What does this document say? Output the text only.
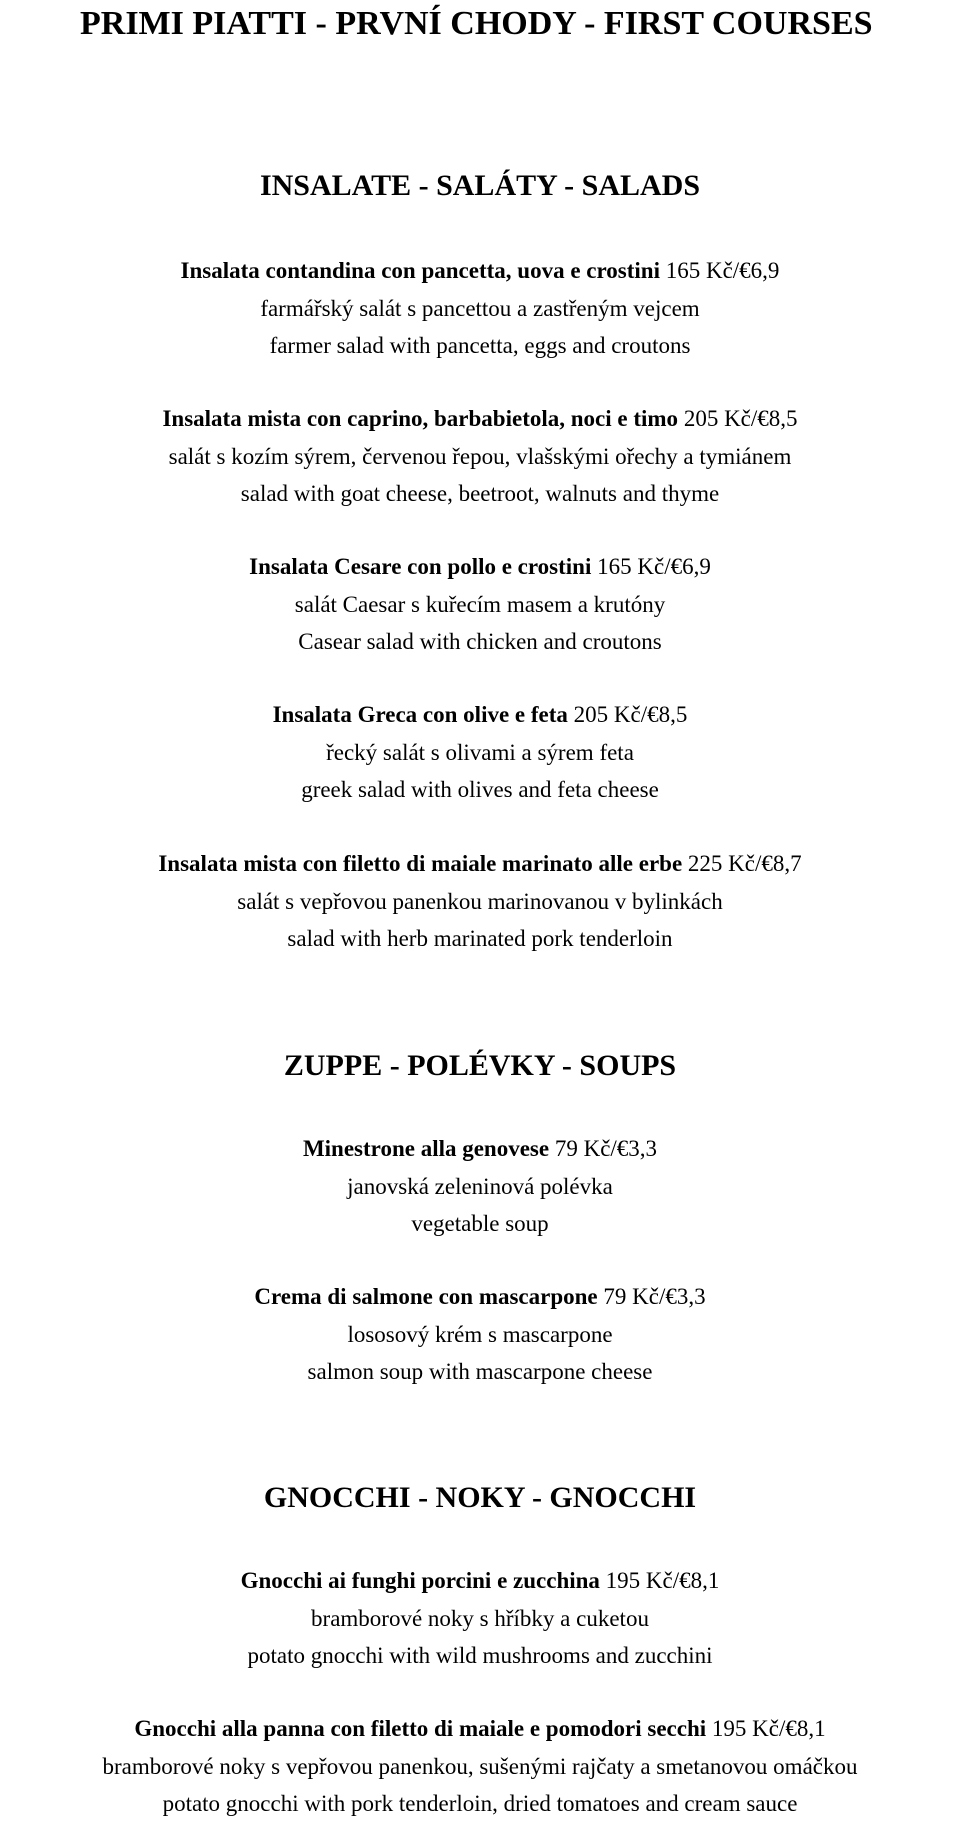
PRIMI PIATTI - PRVNÍ CHODY - FIRST COURSES
INSALATE - SALÁTY - SALADS
Insalata contandina con pancetta, uova e crostini 165 Kč/€6,9
farmářský salát s pancettou a zastřeným vejcem
farmer salad with pancetta, eggs and croutons
Insalata mista con caprino, barbabietola, noci e timo 205 Kč/€8,5
salát s kozím sýrem, červenou řepou, vlašskými ořechy a tymiánem
salad with goat cheese, beetroot, walnuts and thyme
Insalata Cesare con pollo e crostini 165 Kč/€6,9
salát Caesar s kuřecím masem a krutóny
Casear salad with chicken and croutons
Insalata Greca con olive e feta 205 Kč/€8,5
řecký salát s olivami a sýrem feta
greek salad with olives and feta cheese
Insalata mista con filetto di maiale marinato alle erbe 225 Kč/€8,7
salát s vepřovou panenkou marinovanou v bylinkách
salad with herb marinated pork tenderloin
ZUPPE - POLÉVKY - SOUPS
Minestrone alla genovese 79 Kč/€3,3
janovská zeleninová polévka
vegetable soup
Crema di salmone con mascarpone 79 Kč/€3,3
lososový krém s mascarpone
salmon soup with mascarpone cheese
GNOCCHI - NOKY - GNOCCHI
Gnocchi ai funghi porcini e zucchina 195 Kč/€8,1
bramborové noky s hříbky a cuketou
potato gnocchi with wild mushrooms and zucchini
Gnocchi alla panna con filetto di maiale e pomodori secchi 195 Kč/€8,1
bramborové noky s vepřovou panenkou, sušenými rajčaty a smetanovou omáčkou
potato gnocchi with pork tenderloin, dried tomatoes and cream sauce
